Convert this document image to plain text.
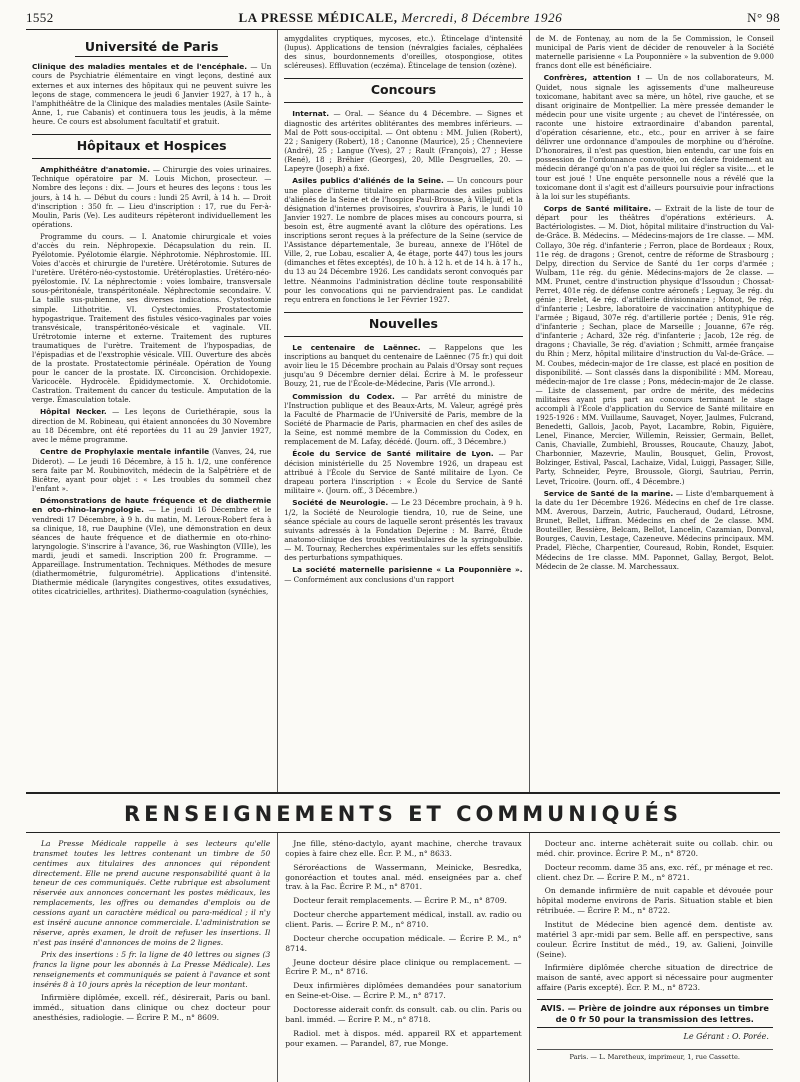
1552	LA PRESSE MÉDICALE, Mercredi, 8 Décembre 1926	N° 98
Université de Paris

Clinique des maladies mentales et de l'encéphale. — Un cours de Psychiatrie élémentaire en vingt leçons, destiné aux externes et aux internes des hôpitaux qui ne peuvent suivre les leçons de stage, commencera le jeudi 6 Janvier 1927, à 17 h., à l'amphithéâtre de la Clinique des maladies mentales (Asile Sainte-Anne, 1, rue Cabanis) et continuera tous les jeudis, à la même heure. Ce cours est absolument facultatif et gratuit.

Hôpitaux et Hospices

Amphithéâtre d'anatomie. — Chirurgie des voies urinaires. Technique opératoire par M. Louis Michon, prosecteur. — Nombre des leçons : dix. — Jours et heures des leçons : tous les jours, à 14 h. — Début du cours : lundi 25 Avril, à 14 h. — Droit d'inscription : 350 fr. — Lieu d'inscription : 17, rue du Fer-à-Moulin, Paris (Ve). Les auditeurs répèteront individuellement les opérations.

Programme du cours. — I. Anatomie chirurgicale et voies d'accès du rein. Néphropexie. Décapsulation du rein. II. Pyélotomie. Pyélotomie élargie. Néphrotomie. Néphrostomie. III. Voies d'accès et chirurgie de l'uretère. Urétérotomie. Sutures de l'uretère. Urétéro-néo-cystostomie. Urétéroplasties. Urétéro-néo-pyélostomie. IV. La néphrectomie : voies lombaire, transversale sous-péritonéale, transpéritonéale. Néphrectomie secondaire. V. La taille sus-pubienne, ses diverses indications. Cystostomie simple. Lithotritie. VI. Cystectomies. Prostatectomie hypogastrique. Traitement des fistules vésico-vaginales par voies transvésicale, transpéritonéo-vésicale et vaginale. VII. Urétrotomie interne et externe. Traitement des ruptures traumatiques de l'urètre. Traitement de l'hypospadias, de l'épispadias et de l'exstrophie vésicale. VIII. Ouverture des abcès de la prostate. Prostatectomie périnéale. Opération de Young pour le cancer de la prostate. IX. Circoncision. Orchidopexie. Varicocèle. Hydrocèle. Épididymectomie. X. Orchidotomie. Castration. Traitement du cancer du testicule. Amputation de la verge. Émasculation totale.

Hôpital Necker. — Les leçons de Curiethérapie, sous la direction de M. Robineau, qui étaient annoncées du 30 Novembre au 18 Décembre, ont été reportées du 11 au 29 Janvier 1927, avec le même programme.

Centre de Prophylaxie mentale infantile (Vanves, 24, rue Diderot). — Le jeudi 16 Décembre, à 15 h. 1/2, une conférence sera faite par M. Roubinovitch, médecin de la Salpêtrière et de Bicêtre, ayant pour objet : « Les troubles du sommeil chez l'enfant ».

Démonstrations de haute fréquence et de diathermie en oto-rhino-laryngologie. — Le jeudi 16 Décembre et le vendredi 17 Décembre, à 9 h. du matin, M. Leroux-Robert fera à sa clinique, 18, rue Dauphine (VIe), une démonstration en deux séances de haute fréquence et de diathermie en oto-rhino-laryngologie. S'inscrire à l'avance, 36, rue Washington (VIIIe), les mardi, jeudi et samedi. Inscription 200 fr. Programme. — Appareillage. Instrumentation. Techniques. Méthodes de mesure (diathermométrie, fulgurométrie). Applications d'intensité. Diathermie médicale (laryngites congestives, otites exsudatives, otites cicatricielles, arthrites). Diathermo-coagulation (synéchies,

amygdalites cryptiques, mycoses, etc.). Étincelage d'intensité (lupus). Applications de tension (névralgies faciales, céphalées des sinus, bourdonnements d'oreilles, otospongiose, otites scléreuses). Effluvation (eczéma). Étincelage de tension (ozène).

Concours

Internat. — Oral. — Séance du 4 Décembre. — Signes et diagnostic des artérites oblitérantes des membres inférieurs. — Mal de Pott sous-occipital. — Ont obtenu : MM. Julien (Robert), 22 ; Sanigery (Robert), 18 ; Canonne (Maurice), 25 ; Chenneviere (André), 25 ; Langue (Yves), 27 ; Rault (François), 27 ; Hesse (René), 18 ; Bréhier (Georges), 20, Mlle Desgruelles, 20. — Lapeyre (Joseph) a fixé.

Asiles publics d'aliénés de la Seine. — Un concours pour une place d'interne titulaire en pharmacie des asiles publics d'aliénés de la Seine et de l'hospice Paul-Brousse, à Villejuif, et la désignation d'internes provisoires, s'ouvrira à Paris, le lundi 10 Janvier 1927. Le nombre de places mises au concours pourra, si besoin est, être augmenté avant la clôture des opérations. Les inscriptions seront reçues à la préfecture de la Seine (service de l'Assistance départementale, 3e bureau, annexe de l'Hôtel de Ville, 2, rue Lobau, escalier A, 4e étage, porte 447) tous les jours (dimanches et fêtes exceptés), de 10 h. à 12 h. et de 14 h. à 17 h., du 13 au 24 Décembre 1926. Les candidats seront convoqués par lettre. Néanmoins l'administration décline toute responsabilité pour les convocations qui ne parviendraient pas. Le candidat reçu entrera en fonctions le 1er Février 1927.

Nouvelles

Le centenaire de Laënnec. — Rappelons que les inscriptions au banquet du centenaire de Laënnec (75 fr.) qui doit avoir lieu le 15 Décembre prochain au Palais d'Orsay sont reçues jusqu'au 9 Décembre dernier délai. Écrire à M. le professeur Bouzy, 21, rue de l'École-de-Médecine, Paris (VIe arrond.).

Commission du Codex. — Par arrêté du ministre de l'Instruction publique et des Beaux-Arts, M. Valeur, agrégé près la Faculté de Pharmacie de l'Université de Paris, membre de la Société de Pharmacie de Paris, pharmacien en chef des asiles de la Seine, est nommé membre de la Commission du Codex, en remplacement de M. Lafay, décédé. (Journ. off., 3 Décembre.)

École du Service de Santé militaire de Lyon. — Par décision ministérielle du 25 Novembre 1926, un drapeau est attribué à l'École du Service de Santé militaire de Lyon. Ce drapeau portera l'inscription : « École du Service de Santé militaire ». (Journ. off., 3 Décembre.)

Société de Neurologie. — Le 23 Décembre prochain, à 9 h. 1/2, la Société de Neurologie tiendra, 10, rue de Seine, une séance spéciale au cours de laquelle seront présentés les travaux suivants adressés à la Fondation Dejerine : M. Barré, Étude anatomo-clinique des troubles vestibulaires de la syringobulbie. — M. Tournay, Recherches expérimentales sur les effets sensitifs des perturbations sympathiques.

La société maternelle parisienne « La Pouponnière ». — Conformément aux conclusions d'un rapport

de M. de Fontenay, au nom de la 5e Commission, le Conseil municipal de Paris vient de décider de renouveler à la Société maternelle parisienne « La Pouponnière » la subvention de 9.000 francs dont elle est bénéficiaire.

Confrères, attention ! — Un de nos collaborateurs, M. Quidet, nous signale les agissements d'une malheureuse toxicomane, habitant avec sa mère, un hôtel, rive gauche, et se disant originaire de Montpellier. La mère pressée demander le médecin pour une visite urgente ; au chevet de l'intéressée, on raconte une histoire extraordinaire d'abandon parental, d'opération césarienne, etc., etc., pour en arriver à se faire délivrer une ordonnance d'ampoules de morphine ou d'héroïne. D'honoraires, il n'est pas question, bien entendu, car une fois en possession de l'ordonnance convoitée, on déclare froidement au médecin dérangé qu'on n'a pas de quoi lui régler sa visite.... et le tour est joué ! Une enquête personnelle nous a révélé que la toxicomane dont il s'agit est d'ailleurs poursuivie pour infractions à la loi sur les stupéfiants.

Corps de Santé militaire. — Extrait de la liste de tour de départ pour les théâtres d'opérations extérieurs. A. Bactériologistes. — M. Diot, hôpital militaire d'instruction du Val-de-Grâce. B. Médecins. — Médecins-majors de 1re classe. — MM. Collayo, 30e rég. d'infanterie ; Ferron, place de Bordeaux ; Roux, 11e rég. de dragons ; Grenot, centre de réforme de Strasbourg ; Delpy, direction du Service de Santé du 1er corps d'armée ; Wulbam, 11e rég. du génie. Médecins-majors de 2e classe. — MM. Prunet, centre d'instruction physique d'Issoudun ; Chossat-Perret, 401e rég. de défense contre aéronefs ; Leguay, 3e rég. du génie ; Brelet, 4e rég. d'artillerie divisionnaire ; Monot, 9e rég. d'infanterie ; Lesbre, laboratoire de vaccination antityphique de l'armée ; Bigaud, 307e rég. d'artillerie portée ; Denis, 91e rég. d'infanterie ; Sechan, place de Marseille ; Jouanne, 67e rég. d'infanterie ; Achard, 32e rég. d'infanterie ; Jacob, 12e rég. de dragons ; Chavialle, 3e rég. d'aviation ; Schmitt, armée française du Rhin ; Merz, hôpital militaire d'instruction du Val-de-Grâce. — M. Coubes, médecin-major de 1re classe, est placé en position de disponibilité. — Sont classés dans la disponibilité : MM. Moreau, médecin-major de 1re classe ; Pons, médecin-major de 2e classe. — Liste de classement, par ordre de mérite, des médecins militaires ayant pris part au concours terminant le stage accompli à l'École d'application du Service de Santé militaire en 1925-1926 : MM. Vuillaume, Sauvaget, Noyer, Jaulmes, Fulcrand, Benedetti, Gallois, Jacob, Payot, Lacambre, Robin, Figuière, Lenel, Finance, Mercier, Willemin, Reissier, Germain, Bellet, Canis, Chavialle, Zumbiehl, Brousses, Roucaute, Chauzy, Jabot, Charbonnier, Mazevrie, Maulin, Bousquet, Gelin, Provost, Bolzinger, Estival, Pascal, Lachaize, Vidal, Luiggi, Passager, Sille, Party, Schneider, Peyre, Broussole, Giorgi, Sautriau, Perrin, Levet, Tricoire. (Journ. off., 4 Décembre.)

Service de Santé de la marine. — Liste d'embarquement à la date du 1er Décembre 1926. Médecins en chef de 1re classe. MM. Averous, Darzein, Autric, Faucheraud, Oudard, Létrosne, Brunet, Bellet, Liffran. Médecins en chef de 2e classe. MM. Bouteiller, Bessière, Belcam, Bellot, Lancelin, Cazamian, Donval, Bourges, Cauvin, Lestage, Cazeneuve. Médecins principaux. MM. Pradel, Flèche, Charpentier, Coureaud, Robin, Rondet, Esquier. Médecins de 1re classe. MM. Paponnet, Gallay, Bergot, Belot. Médecin de 2e classe. M. Marchessaux.

RENSEIGNEMENTS ET COMMUNIQUÉS

La Presse Médicale rappelle à ses lecteurs qu'elle transmet toutes les lettres contenant un timbre de 50 centimes aux titulaires des annonces qui répondent directement. Elle ne prend aucune responsabilité quant à la teneur de ces communiqués. Cette rubrique est absolument réservée aux annonces concernant les postes médicaux, les remplacements, les offres ou demandes d'emplois ou de cessions ayant un caractère médical ou para-médical ; il n'y est inséré aucune annonce commerciale. L'administration se réserve, après examen, le droit de refuser les insertions. Il n'est pas inséré d'annonces de moins de 2 lignes.

Prix des insertions : 5 fr. la ligne de 40 lettres ou signes (3 francs la ligne pour les abonnés à La Presse Médicale). Les renseignements et communiqués se paient à l'avance et sont insérés 8 à 10 jours après la réception de leur montant.

Infirmière diplômée, excell. réf., désirerait, Paris ou banl. imméd., situation dans clinique ou chez docteur pour anesthésies, radiologie. — Écrire P. M., n° 8609.

Jne fille, sténo-dactylo, ayant machine, cherche travaux copies à faire chez elle. Écr. P. M., n° 8633.

Séroréactions de Wassermann, Meinicke, Besredka, gonoréaction et toutes anal. méd. enseignées par a. chef trav. à la Fac. Écrire P. M., n° 8701.

Docteur ferait remplacements. — Écrire P. M., n° 8709.

Docteur cherche appartement médical, install. av. radio ou client. Paris. — Écrire P. M., n° 8710.

Docteur cherche occupation médicale. — Écrire P. M., n° 8714.

Jeune docteur désire place clinique ou remplacement. — Écrire P. M., n° 8716.

Deux infirmières diplômées demandées pour sanatorium en Seine-et-Oise. — Écrire P. M., n° 8717.

Doctoresse aiderait confr. ds consult. cab. ou clin. Paris ou banl. imméd. — Écrire P. M., n° 8718.

Radiol. met à dispos. méd. appareil RX et appartement pour examen. — Parandel, 87, rue Monge.

Docteur anc. interne achèterait suite ou collab. chir. ou méd. chir. province. Écrire P. M., n° 8720.

Docteur recomm. dame 35 ans, exc. réf., pr ménage et rec. client. chez Dr. — Écrire P. M., n° 8721.

On demande infirmière de nuit capable et dévouée pour hôpital moderne environs de Paris. Situation stable et bien rétribuée. — Écrire P. M., n° 8722.

Institut de Médecine bien agencé dem. dentiste av. matériel 3 apr.-midi par sem. Belle aff. en perspective, sans couleur. Écrire Institut de méd., 19, av. Galieni, Joinville (Seine).

Infirmière diplômée cherche situation de directrice de maison de santé, avec apport si nécessaire pour augmenter affaire (Paris excepté). Écr. P. M., n° 8723.

AVIS. — Prière de joindre aux réponses un timbre de 0 fr 50 pour la transmission des lettres.
Le Gérant : O. Porée.
Paris. — L. Maretheux, imprimeur, 1, rue Cassette.
